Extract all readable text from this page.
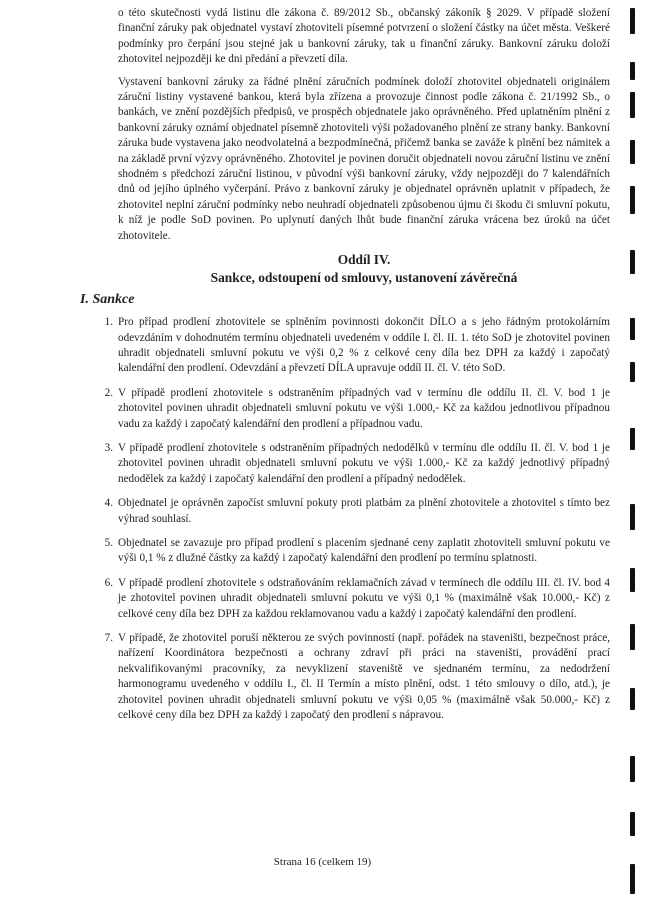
o této skutečnosti vydá listinu dle zákona č. 89/2012 Sb., občanský zákoník § 2029. V případě složení finanční záruky pak objednatel vystaví zhotoviteli písemné potvrzení o složení částky na účet města. Veškeré podmínky pro čerpání jsou stejné jak u bankovní záruky, tak u finanční záruky. Bankovní záruku doloží zhotovitel nejpozději ke dni předání a převzetí díla.

Vystavení bankovní záruky za řádné plnění záručních podmínek doloží zhotovitel objednateli originálem záruční listiny vystavené bankou, která byla zřízena a provozuje činnost podle zákona č. 21/1992 Sb., o bankách, ve znění pozdějších předpisů, ve prospěch objednatele jako oprávněného. Před uplatněním plnění z bankovní záruky oznámí objednatel písemně zhotoviteli výši požadovaného plnění ze strany banky. Bankovní záruka bude vystavena jako neodvolatelná a bezpodmínečná, přičemž banka se zaváže k plnění bez námitek a na základě první výzvy oprávněného. Zhotovitel je povinen doručit objednateli novou záruční listinu ve znění shodném s předchozí záruční listinou, v původní výši bankovní záruky, vždy nejpozději do 7 kalendářních dnů od jejího úplného vyčerpání. Právo z bankovní záruky je objednatel oprávněn uplatnit v případech, že zhotovitel neplní záruční podmínky nebo neuhradí objednateli způsobenou újmu či škodu či smluvní pokutu, k níž je podle SoD povinen. Po uplynutí daných lhůt bude finanční záruka vrácena bez úroků na účet zhotovitele.

Oddíl IV.
Sankce, odstoupení od smlouvy, ustanovení závěrečná
I. Sankce
1. Pro případ prodlení zhotovitele se splněním povinnosti dokončit DÍLO a s jeho řádným protokolárním odevzdáním v dohodnutém termínu objednateli uvedeném v oddíle I. čl. II. 1. této SoD je zhotovitel povinen uhradit objednateli smluvní pokutu ve výši 0,2 % z celkové ceny díla bez DPH za každý i započatý kalendářní den prodlení. Odevzdání a převzetí DÍLA upravuje oddíl II. čl. V. této SoD.
2. V případě prodlení zhotovitele s odstraněním případných vad v termínu dle oddílu II. čl. V. bod 1 je zhotovitel povinen uhradit objednateli smluvní pokutu ve výši 1.000,- Kč za každou jednotlivou případnou vadu za každý i započatý kalendářní den prodlení a případnou vadu.
3. V případě prodlení zhotovitele s odstraněním případných nedodělků v termínu dle oddílu II. čl. V. bod 1 je zhotovitel povinen uhradit objednateli smluvní pokutu ve výši 1.000,- Kč za každý jednotlivý případný nedodělek za každý i započatý kalendářní den prodlení a případný nedodělek.
4. Objednatel je oprávněn započíst smluvní pokuty proti platbám za plnění zhotovitele a zhotovitel s tímto bez výhrad souhlasí.
5. Objednatel se zavazuje pro případ prodlení s placením sjednané ceny zaplatit zhotoviteli smluvní pokutu ve výši 0,1 % z dlužné částky za každý i započatý kalendářní den prodlení po termínu splatnosti.
6. V případě prodlení zhotovitele s odstraňováním reklamačních závad v termínech dle oddílu III. čl. IV. bod 4 je zhotovitel povinen uhradit objednateli smluvní pokutu ve výši 0,1 % (maximálně však 10.000,- Kč) z celkové ceny díla bez DPH za každou reklamovanou vadu a každý i započatý kalendářní den prodlení.
7. V případě, že zhotovitel poruší některou ze svých povinností (např. pořádek na staveništi, bezpečnost práce, nařízení Koordinátora bezpečnosti a ochrany zdraví při práci na staveništi, provádění prací nekvalifikovanými pracovníky, za nevyklizení staveniště ve sjednaném termínu, za nedodržení harmonogramu uvedeného v oddílu I., čl. II Termín a místo plnění, odst. 1 této smlouvy o dílo, atd.), je zhotovitel povinen uhradit objednateli smluvní pokutu ve výši 0,05 % (maximálně však 50.000,- Kč) z celkové ceny díla bez DPH za každý i započatý den prodlení s nápravou.
Strana 16 (celkem 19)
